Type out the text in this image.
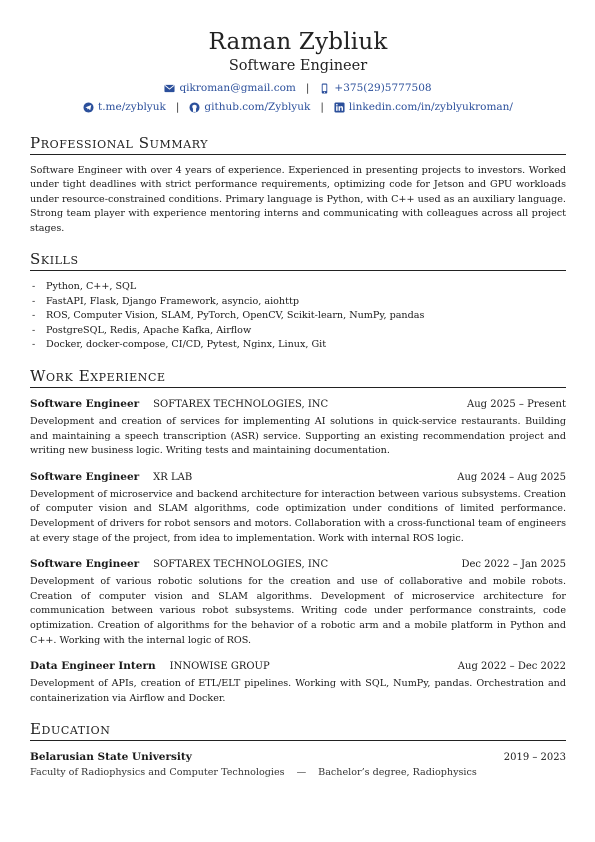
Raman Zybliuk
Software Engineer
qikroman@gmail.com | +375(29)5777508
t.me/zyblyuk | github.com/Zyblyuk | linkedin.com/in/zyblyukroman/
Professional Summary
Software Engineer with over 4 years of experience. Experienced in presenting projects to investors. Worked under tight deadlines with strict performance requirements, optimizing code for Jetson and GPU workloads under resource-constrained conditions. Primary language is Python, with C++ used as an auxiliary language. Strong team player with experience mentoring interns and communicating with colleagues across all project stages.
Skills
- Python, C++, SQL
- FastAPI, Flask, Django Framework, asyncio, aiohttp
- ROS, Computer Vision, SLAM, PyTorch, OpenCV, Scikit-learn, NumPy, pandas
- PostgreSQL, Redis, Apache Kafka, Airflow
- Docker, docker-compose, CI/CD, Pytest, Nginx, Linux, Git
Work Experience
Software Engineer SOFTAREX TECHNOLOGIES, INC	Aug 2025 – Present
Development and creation of services for implementing AI solutions in quick-service restaurants. Building and maintaining a speech transcription (ASR) service. Supporting an existing recommendation project and writing new business logic. Writing tests and maintaining documentation.
Software Engineer XR LAB	Aug 2024 – Aug 2025
Development of microservice and backend architecture for interaction between various subsystems. Creation of computer vision and SLAM algorithms, code optimization under conditions of limited performance. Development of drivers for robot sensors and motors. Collaboration with a cross-functional team of engineers at every stage of the project, from idea to implementation. Work with internal ROS logic.
Software Engineer SOFTAREX TECHNOLOGIES, INC	Dec 2022 – Jan 2025
Development of various robotic solutions for the creation and use of collaborative and mobile robots. Creation of computer vision and SLAM algorithms. Development of microservice architecture for communication between various robot subsystems. Writing code under performance constraints, code optimization. Creation of algorithms for the behavior of a robotic arm and a mobile platform in Python and C++. Working with the internal logic of ROS.
Data Engineer Intern INNOWISE GROUP	Aug 2022 – Dec 2022
Development of APIs, creation of ETL/ELT pipelines. Working with SQL, NumPy, pandas. Orchestration and containerization via Airflow and Docker.
Education
Belarusian State University	2019 – 2023
Faculty of Radiophysics and Computer Technologies — Bachelor’s degree, Radiophysics
